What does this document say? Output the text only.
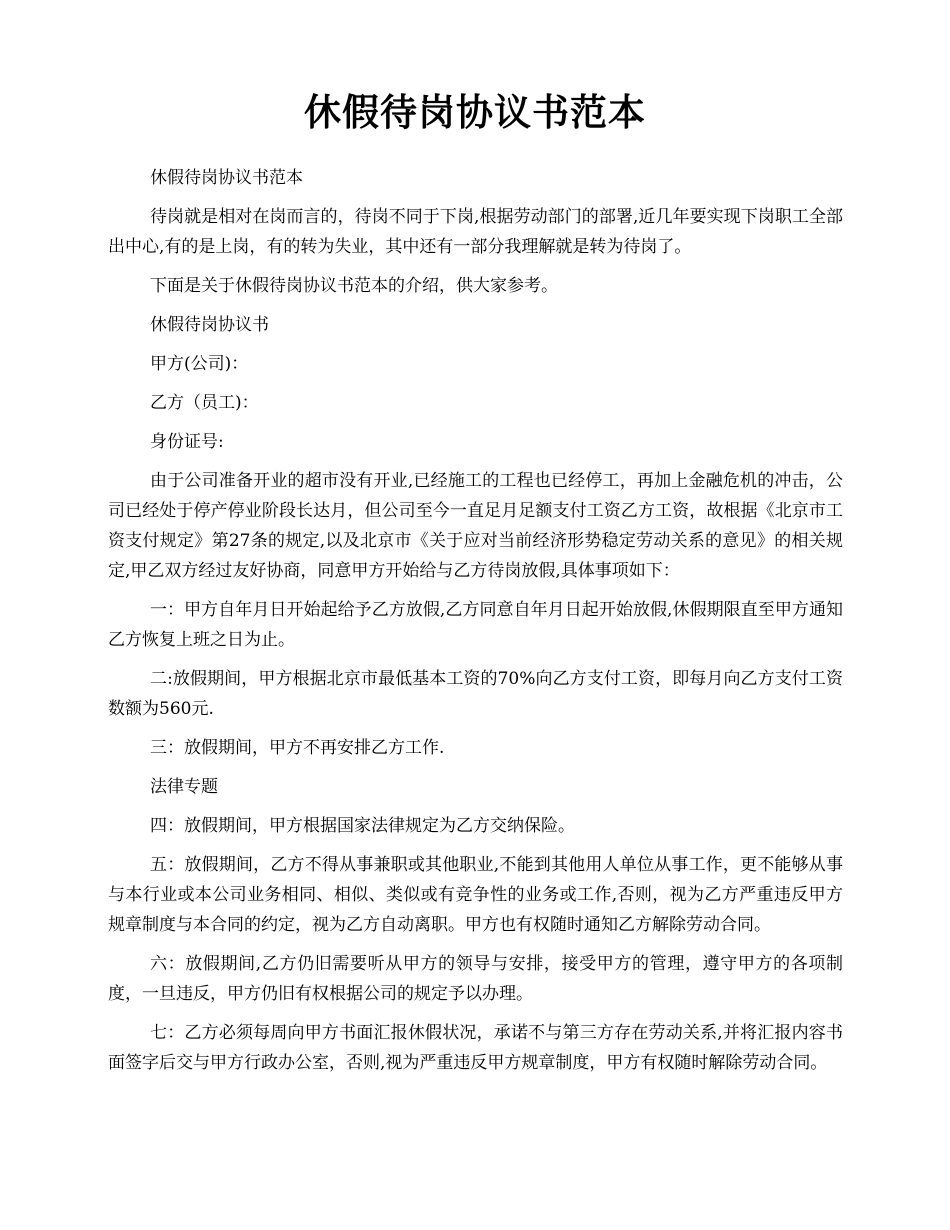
休假待岗协议书范本

休假待岗协议书范本

待岗就是相对在岗而言的，待岗不同于下岗,根据劳动部门的部署,近几年要实现下岗职工全部出中心,有的是上岗，有的转为失业，其中还有一部分我理解就是转为待岗了。

下面是关于休假待岗协议书范本的介绍，供大家参考。

休假待岗协议书

甲方(公司)：

乙方（员工)：

身份证号:

由于公司准备开业的超市没有开业,已经施工的工程也已经停工，再加上金融危机的冲击，公司已经处于停产停业阶段长达月，但公司至今一直足月足额支付工资乙方工资，故根据《北京市工资支付规定》第27条的规定,以及北京市《关于应对当前经济形势稳定劳动关系的意见》的相关规定,甲乙双方经过友好协商，同意甲方开始给与乙方待岗放假,具体事项如下：

一：甲方自年月日开始起给予乙方放假,乙方同意自年月日起开始放假,休假期限直至甲方通知乙方恢复上班之日为止。

二:放假期间，甲方根据北京市最低基本工资的70%向乙方支付工资，即每月向乙方支付工资数额为560元.

三：放假期间，甲方不再安排乙方工作.

法律专题

四：放假期间，甲方根据国家法律规定为乙方交纳保险。

五：放假期间，乙方不得从事兼职或其他职业,不能到其他用人单位从事工作，更不能够从事与本行业或本公司业务相同、相似、类似或有竞争性的业务或工作,否则，视为乙方严重违反甲方规章制度与本合同的约定，视为乙方自动离职。甲方也有权随时通知乙方解除劳动合同。

六：放假期间,乙方仍旧需要听从甲方的领导与安排，接受甲方的管理，遵守甲方的各项制度，一旦违反，甲方仍旧有权根据公司的规定予以办理。

七：乙方必须每周向甲方书面汇报休假状况，承诺不与第三方存在劳动关系,并将汇报内容书面签字后交与甲方行政办公室，否则,视为严重违反甲方规章制度，甲方有权随时解除劳动合同。
